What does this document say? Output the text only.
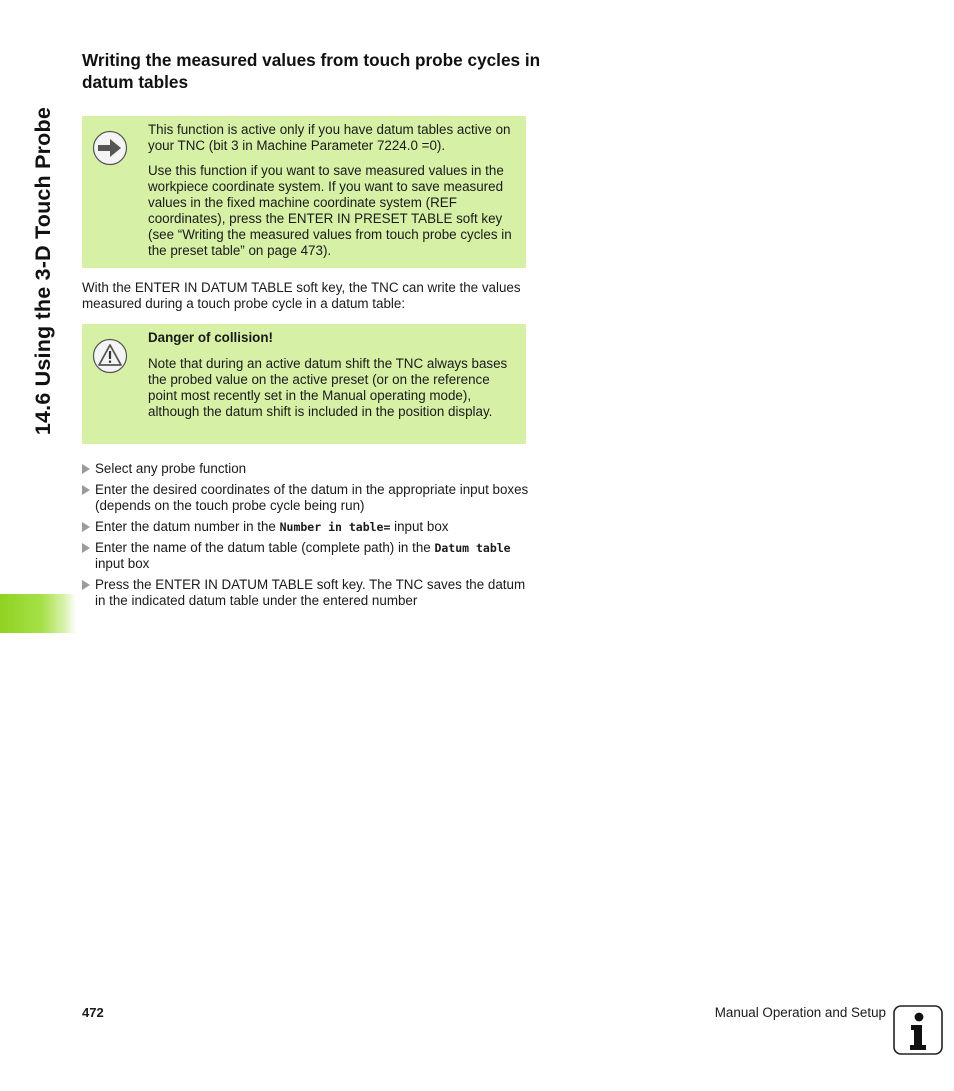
14.6 Using the 3-D Touch Probe
Writing the measured values from touch probe cycles in datum tables

This function is active only if you have datum tables active on your TNC (bit 3 in Machine Parameter 7224.0 =0).

Use this function if you want to save measured values in the workpiece coordinate system. If you want to save measured values in the fixed machine coordinate system (REF coordinates), press the ENTER IN PRESET TABLE soft key (see “Writing the measured values from touch probe cycles in the preset table” on page 473).

With the ENTER IN DATUM TABLE soft key, the TNC can write the values measured during a touch probe cycle in a datum table:

Danger of collision!

Note that during an active datum shift the TNC always bases the probed value on the active preset (or on the reference point most recently set in the Manual operating mode), although the datum shift is included in the position display.

Select any probe function
Enter the desired coordinates of the datum in the appropriate input boxes (depends on the touch probe cycle being run)
Enter the datum number in the Number in table= input box
Enter the name of the datum table (complete path) in the Datum table input box
Press the ENTER IN DATUM TABLE soft key. The TNC saves the datum in the indicated datum table under the entered number
472	Manual Operation and Setup
